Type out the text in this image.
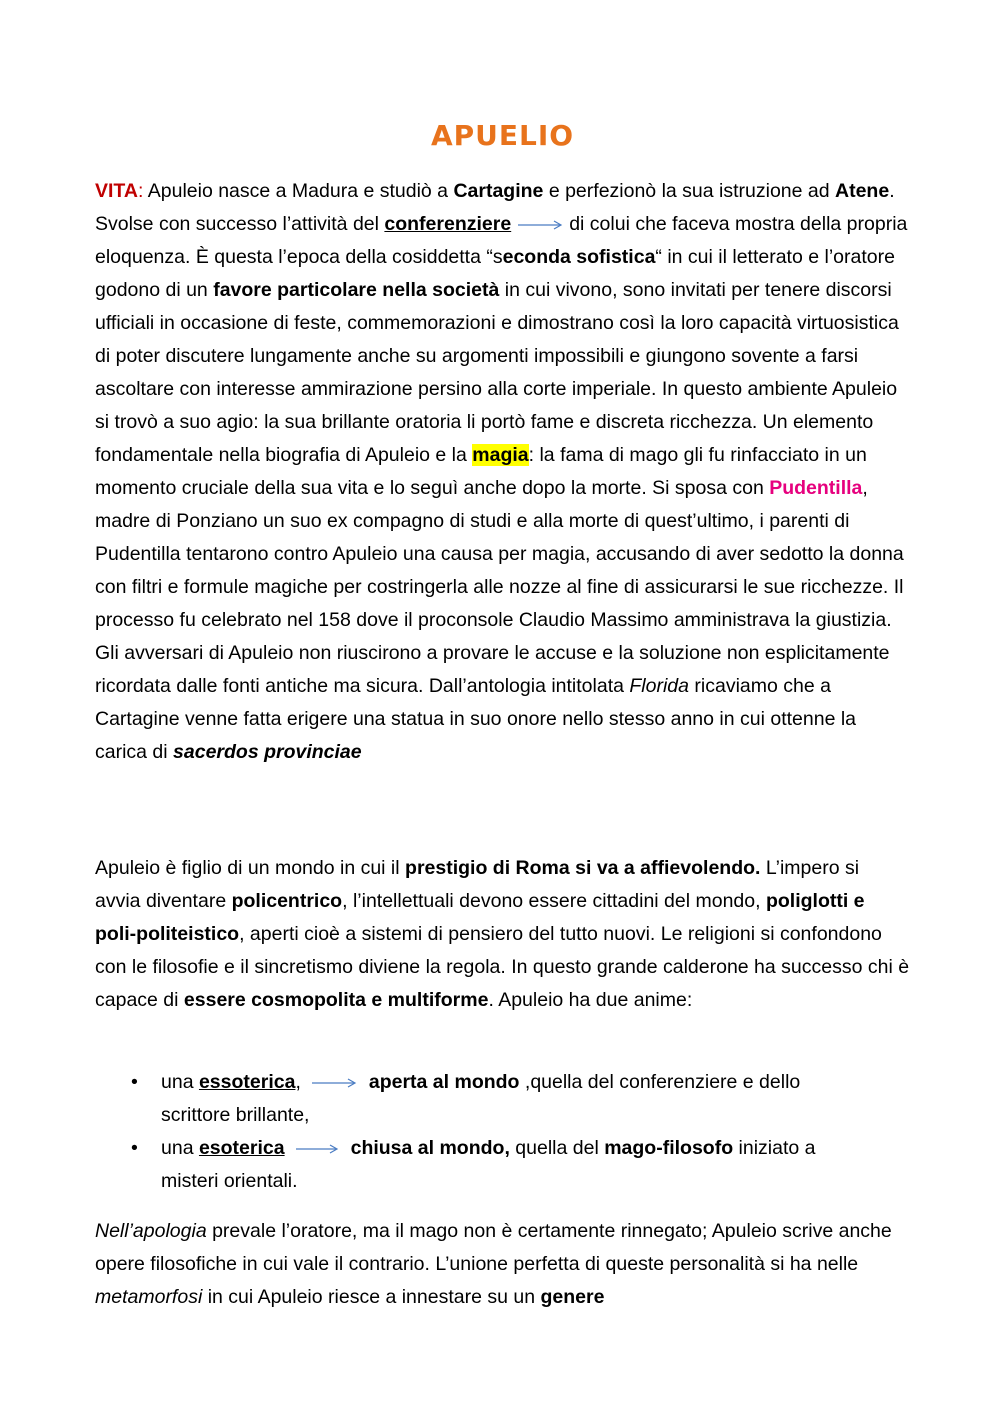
APUELIO

VITA: Apuleio nasce a Madura e studiò a Cartagine e perfezionò la sua istruzione ad Atene. Svolse con successo l’attività del conferenziere	di colui che faceva mostra della propria eloquenza. È questa l’epoca della cosiddetta “seconda sofistica“ in cui il letterato e l’oratore godono di un favore particolare nella società in cui vivono, sono invitati per tenere discorsi ufficiali in occasione di feste, commemorazioni e dimostrano così la loro capacità virtuosistica di poter discutere lungamente anche su argomenti impossibili e giungono sovente a farsi ascoltare con interesse ammirazione persino alla corte imperiale. In questo ambiente Apuleio si trovò a suo agio: la sua brillante oratoria li portò fame e discreta ricchezza. Un elemento fondamentale nella biografia di Apuleio e la magia: la fama di mago gli fu rinfacciato in un momento cruciale della sua vita e lo seguì anche dopo la morte. Si sposa con Pudentilla, madre di Ponziano un suo ex compagno di studi e alla morte di quest’ultimo, i parenti di Pudentilla tentarono contro Apuleio una causa per magia, accusando di aver sedotto la donna con filtri e formule magiche per costringerla alle nozze al fine di assicurarsi le sue ricchezze. Il processo fu celebrato nel 158 dove il proconsole Claudio Massimo amministrava la giustizia. Gli avversari di Apuleio non riuscirono a provare le accuse e la soluzione non esplicitamente ricordata dalle fonti antiche ma sicura. Dall’antologia intitolata Florida ricaviamo che a Cartagine venne fatta erigere una statua in suo onore nello stesso anno in cui ottenne la carica di sacerdos provinciae

Apuleio è figlio di un mondo in cui il prestigio di Roma si va a affievolendo. L’impero si avvia diventare policentrico, l’intellettuali devono essere cittadini del mondo, poliglotti e poli-politeistico, aperti cioè a sistemi di pensiero del tutto nuovi. Le religioni si confondono con le filosofie e il sincretismo diviene la regola. In questo grande calderone ha successo chi è capace di essere cosmopolita e multiforme. Apuleio ha due anime:

• una essoterica,	aperta al mondo ,quella del conferenziere e dello scrittore brillante,
• una esoterica	chiusa al mondo, quella del mago-filosofo iniziato a misteri orientali.

Nell’apologia prevale l’oratore, ma il mago non è certamente rinnegato; Apuleio scrive anche opere filosofiche in cui vale il contrario. L’unione perfetta di queste personalità si ha nelle metamorfosi in cui Apuleio riesce a innestare su un genere
